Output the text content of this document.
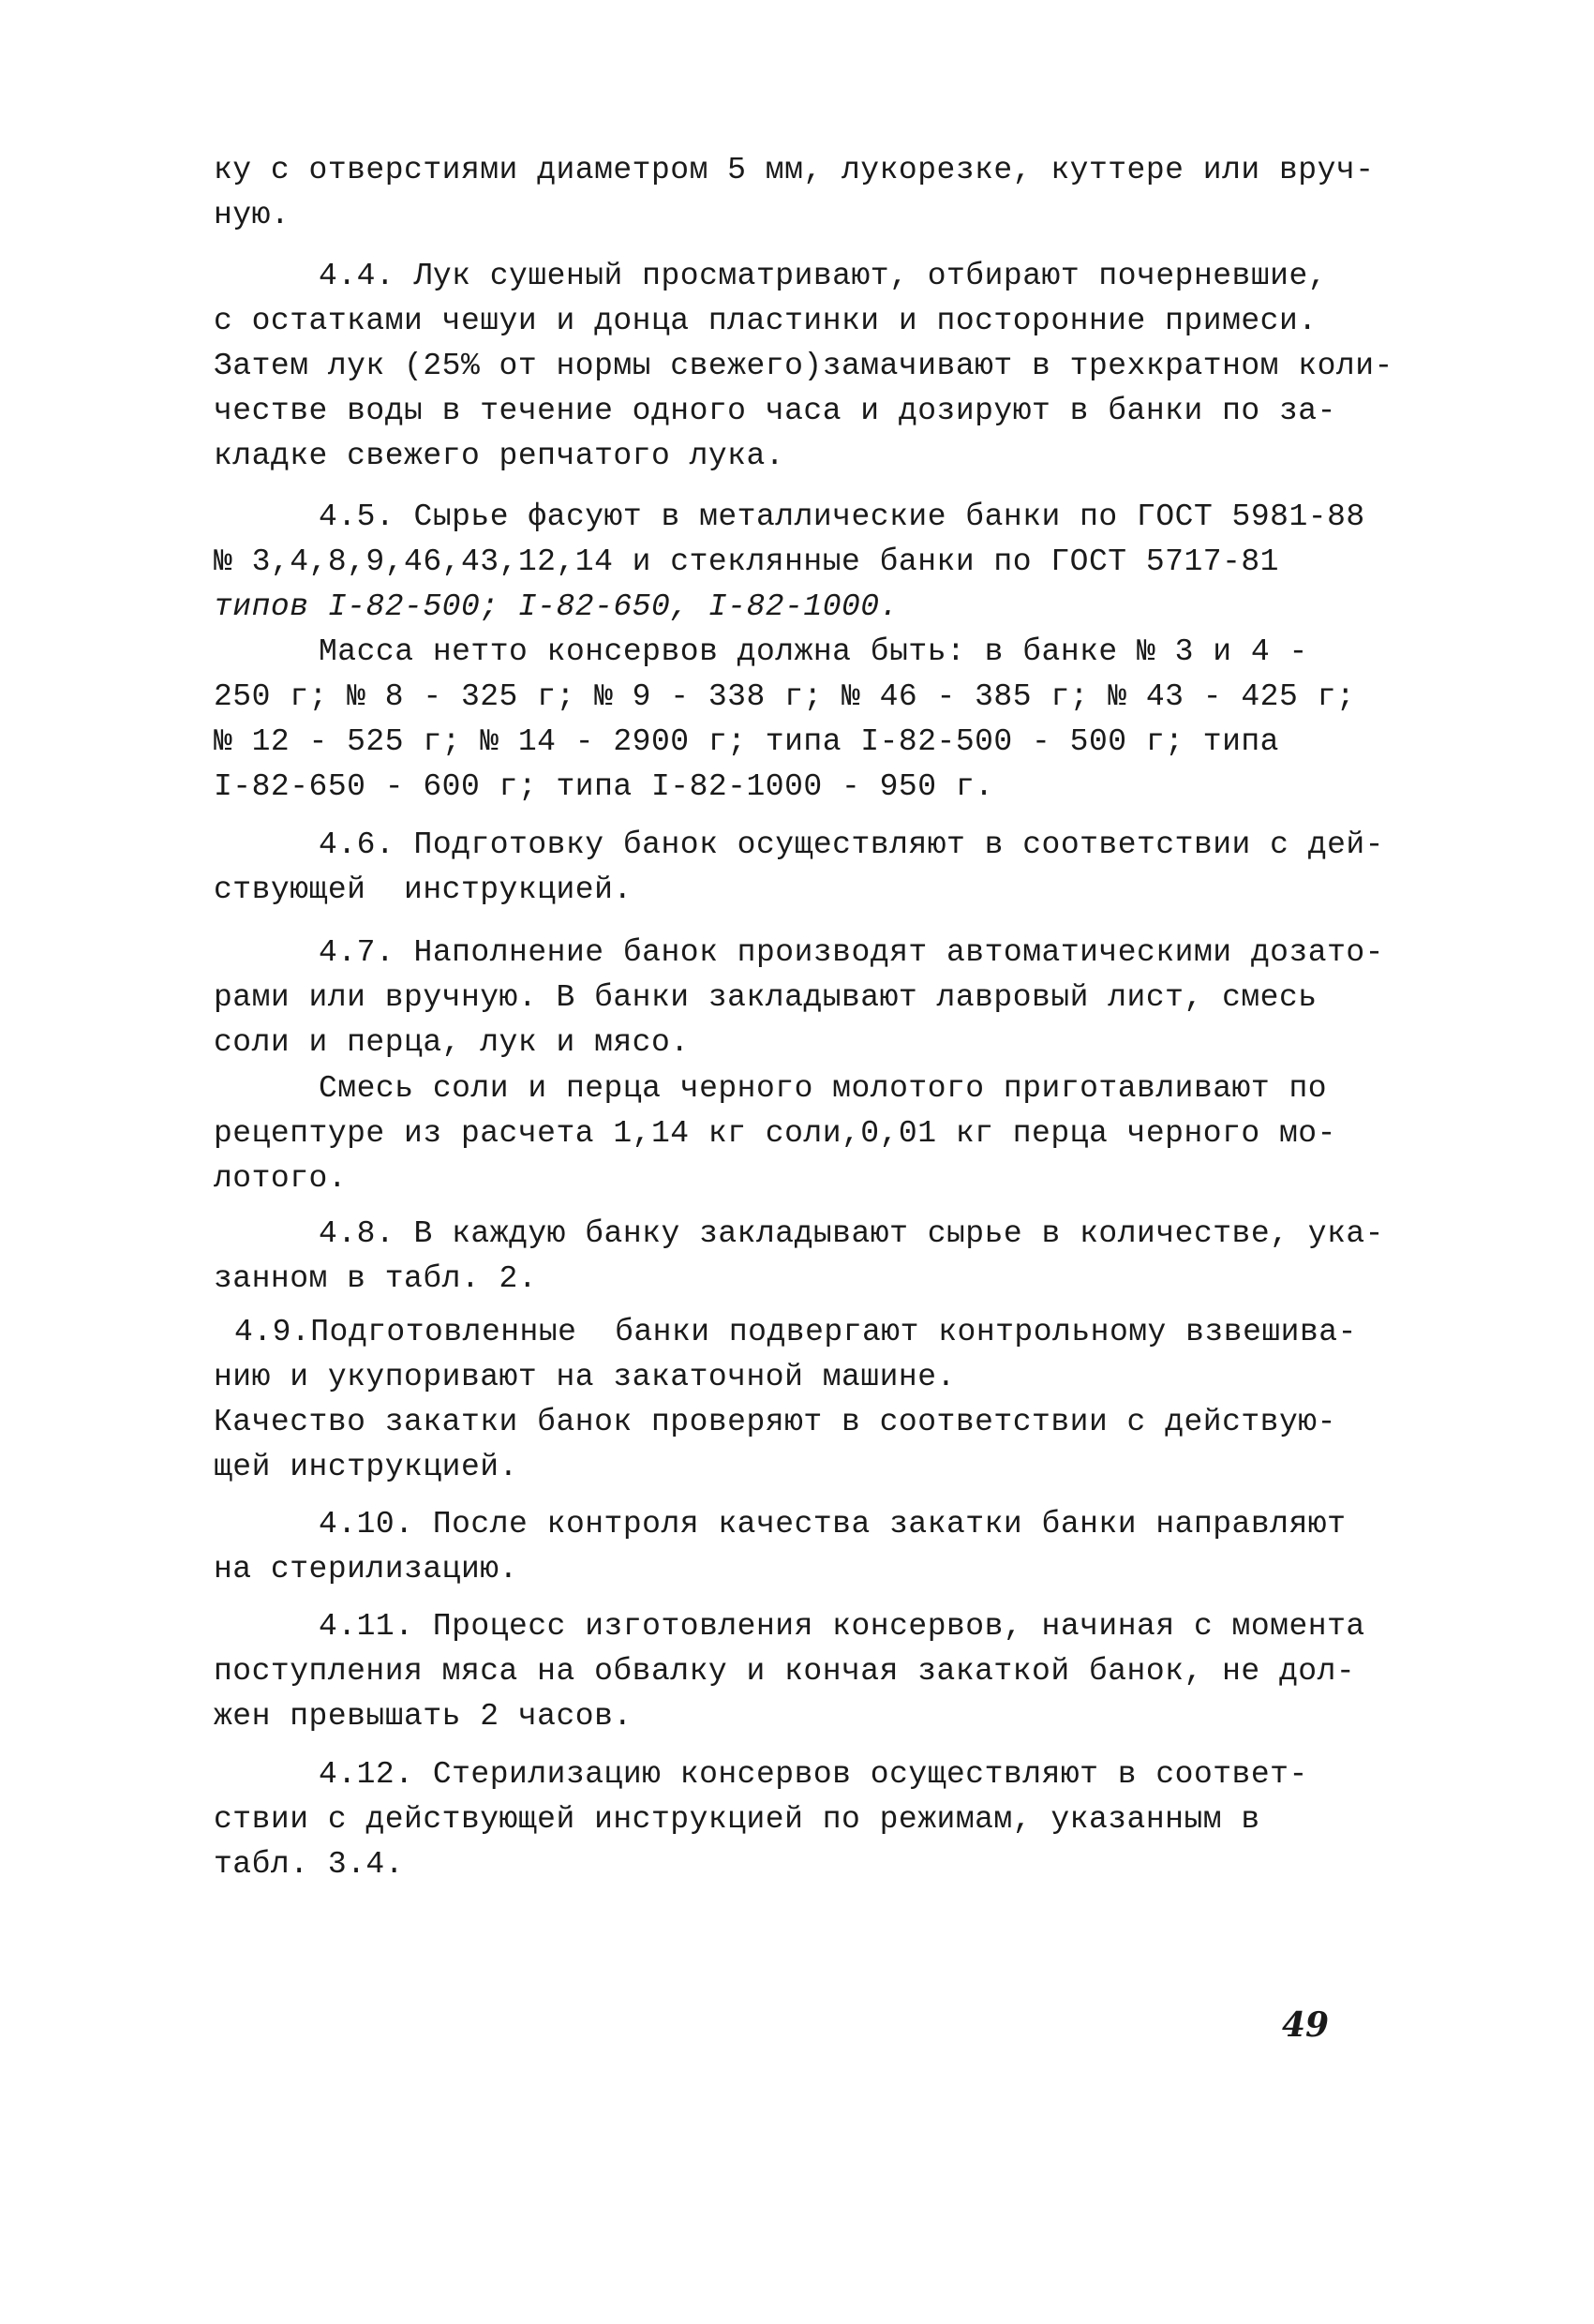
ку с отверстиями диаметром 5 мм, лукорезке, куттере или вруч-
ную.
4.4. Лук сушеный просматривают, отбирают почерневшие,
с остатками чешуи и донца пластинки и посторонние примеси.
Затем лук (25% от нормы свежего)замачивают в трехкратном коли-
честве воды в течение одного часа и дозируют в банки по за-
кладке свежего репчатого лука.
4.5. Сырье фасуют в металлические банки по ГОСТ 5981-88
№ 3,4,8,9,46,43,12,14 и стеклянные банки по ГОСТ 5717-81
типов I-82-500; I-82-650, I-82-1000.
Масса нетто консервов должна быть: в банке № 3 и 4 -
250 г; № 8 - 325 г; № 9 - 338 г; № 46 - 385 г; № 43 - 425 г;
№ 12 - 525 г; № 14 - 2900 г; типа I-82-500 - 500 г; типа
I-82-650 - 600 г; типа I-82-1000 - 950 г.
4.6. Подготовку банок осуществляют в соответствии с дей-
ствующей  инструкцией.
4.7. Наполнение банок производят автоматическими дозато-
рами или вручную. В банки закладывают лавровый лист, смесь
соли и перца, лук и мясо.
Смесь соли и перца черного молотого приготавливают по
рецептуре из расчета 1,14 кг соли,0,01 кг перца черного мо-
лотого.
4.8. В каждую банку закладывают сырье в количестве, ука-
занном в табл. 2.
4.9.Подготовленные  банки подвергают контрольному взвешива-
нию и укупоривают на закаточной машине.
Качество закатки банок проверяют в соответствии с действую-
щей инструкцией.
4.10. После контроля качества закатки банки направляют
на стерилизацию.
4.11. Процесс изготовления консервов, начиная с момента
поступления мяса на обвалку и кончая закаткой банок, не дол-
жен превышать 2 часов.
4.12. Стерилизацию консервов осуществляют в соответ-
ствии с действующей инструкцией по режимам, указанным в
табл. 3.4.
49
